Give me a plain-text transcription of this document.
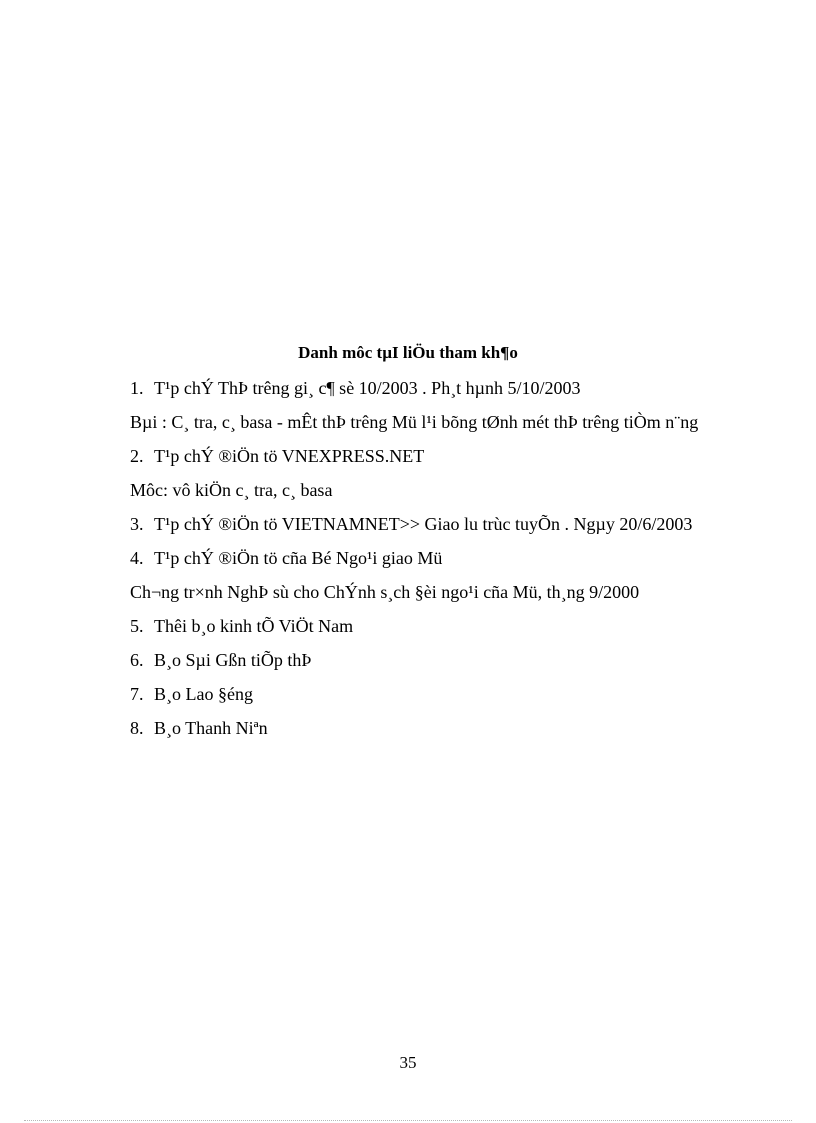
Danh môc tµI liÖu tham kh¶o
1. T¹p chÝ ThÞ trêng gi¸ c¶ sè 10/2003 . Ph¸t hµnh 5/10/2003
Bµi : C¸ tra, c¸ basa - mÊt thÞ trêng Mü l¹i bõng tØnh mét thÞ trêng tiÒm n¨ng
2. T¹p chÝ ®iÖn tö VNEXPRESS.NET
Môc: vô kiÖn c¸ tra, c¸ basa
3. T¹p chÝ ®iÖn tö VIETNAMNET>> Giao lu trùc tuyÕn . Ngµy 20/6/2003
4. T¹p chÝ ®iÖn tö cña Bé Ngo¹i giao Mü
Ch¬ng tr×nh NghÞ sù cho ChÝnh s¸ch §èi ngo¹i cña Mü, th¸ng 9/2000
5. Thêi b¸o kinh tÕ ViÖt Nam
6. B¸o Sµi Gßn tiÕp thÞ
7. B¸o Lao §éng
8. B¸o Thanh Niªn
35
